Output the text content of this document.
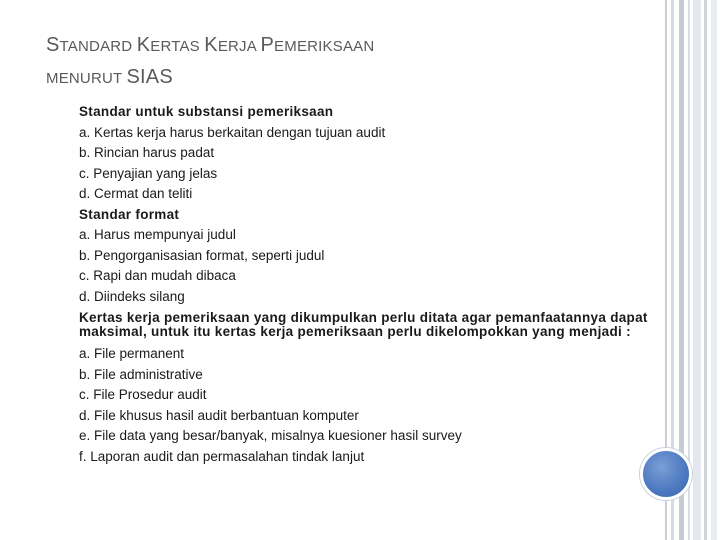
STANDARD KERTAS KERJA PEMERIKSAAN
MENURUT SIAS
Standar untuk substansi pemeriksaan
a. Kertas kerja harus berkaitan dengan tujuan audit
b. Rincian harus padat
c. Penyajian yang jelas
d. Cermat dan teliti
Standar format
a. Harus mempunyai judul
b. Pengorganisasian format, seperti judul
c. Rapi dan mudah dibaca
d. Diindeks silang
Kertas kerja pemeriksaan yang dikumpulkan perlu ditata agar pemanfaatannya dapat maksimal, untuk itu kertas kerja pemeriksaan perlu dikelompokkan yang menjadi :
a. File permanent
b. File administrative
c. File Prosedur audit
d. File khusus hasil audit berbantuan komputer
e. File data yang besar/banyak, misalnya kuesioner hasil survey
f. Laporan audit dan permasalahan tindak lanjut
